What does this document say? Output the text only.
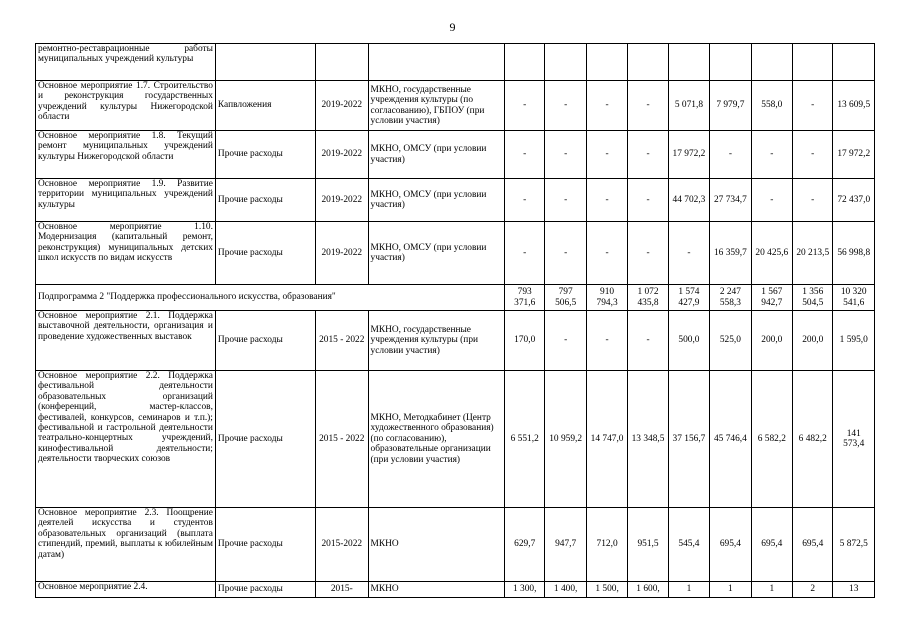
9
ремонтно-реставрационные работы муниципальных учреждений культуры												
Основное мероприятие 1.7. Строительство и реконструкция государственных учреждений культуры Нижегородской области	Капвложения	2019-2022	МКНО, государственные учреждения культуры (по согласованию), ГБПОУ (при условии участия)	-	-	-	-	5 071,8	7 979,7	558,0	-	13 609,5
Основное мероприятие 1.8. Текущий ремонт муниципальных учреждений культуры Нижегородской области	Прочие расходы	2019-2022	МКНО, ОМСУ (при условии участия)	-	-	-	-	17 972,2	-	-	-	17 972,2
Основное мероприятие 1.9. Развитие территории муниципальных учреждений культуры	Прочие расходы	2019-2022	МКНО, ОМСУ (при условии участия)	-	-	-	-	44 702,3	27 734,7	-	-	72 437,0
Основное мероприятие 1.10. Модернизация (капитальный ремонт, реконструкция) муниципальных детских школ искусств по видам искусств	Прочие расходы	2019-2022	МКНО, ОМСУ (при условии участия)	-	-	-	-	-	16 359,7	20 425,6	20 213,5	56 998,8
Подпрограмма 2 "Поддержка профессионального искусства, образования"				793 371,6	797 506,5	910 794,3	1 072 435,8	1 574 427,9	2 247 558,3	1 567 942,7	1 356 504,5	10 320 541,6
Основное мероприятие 2.1. Поддержка выставочной деятельности, организация и проведение художественных выставок	Прочие расходы	2015 - 2022	МКНО, государственные учреждения культуры (при условии участия)	170,0	-	-	-	500,0	525,0	200,0	200,0	1 595,0
Основное мероприятие 2.2. Поддержка фестивальной деятельности образовательных организаций (конференций, мастер-классов, фестивалей, конкурсов, семинаров и т.п.); фестивальной и гастрольной деятельности театрально-концертных учреждений, кинофестивальной деятельности; деятельности творческих союзов	Прочие расходы	2015 - 2022	МКНО, Методкабинет (Центр художественного образования) (по согласованию), образовательные организации (при условии участия)	6 551,2	10 959,2	14 747,0	13 348,5	37 156,7	45 746,4	6 582,2	6 482,2	141 573,4
Основное мероприятие 2.3. Поощрение деятелей искусства и студентов образовательных организаций (выплата стипендий, премий, выплаты к юбилейным датам)	Прочие расходы	2015-2022	МКНО	629,7	947,7	712,0	951,5	545,4	695,4	695,4	695,4	5 872,5
Основное мероприятие 2.4.	Прочие расходы	2015-	МКНО	1 300,	1 400,	1 500,	1 600,	1	1	1	2	13
